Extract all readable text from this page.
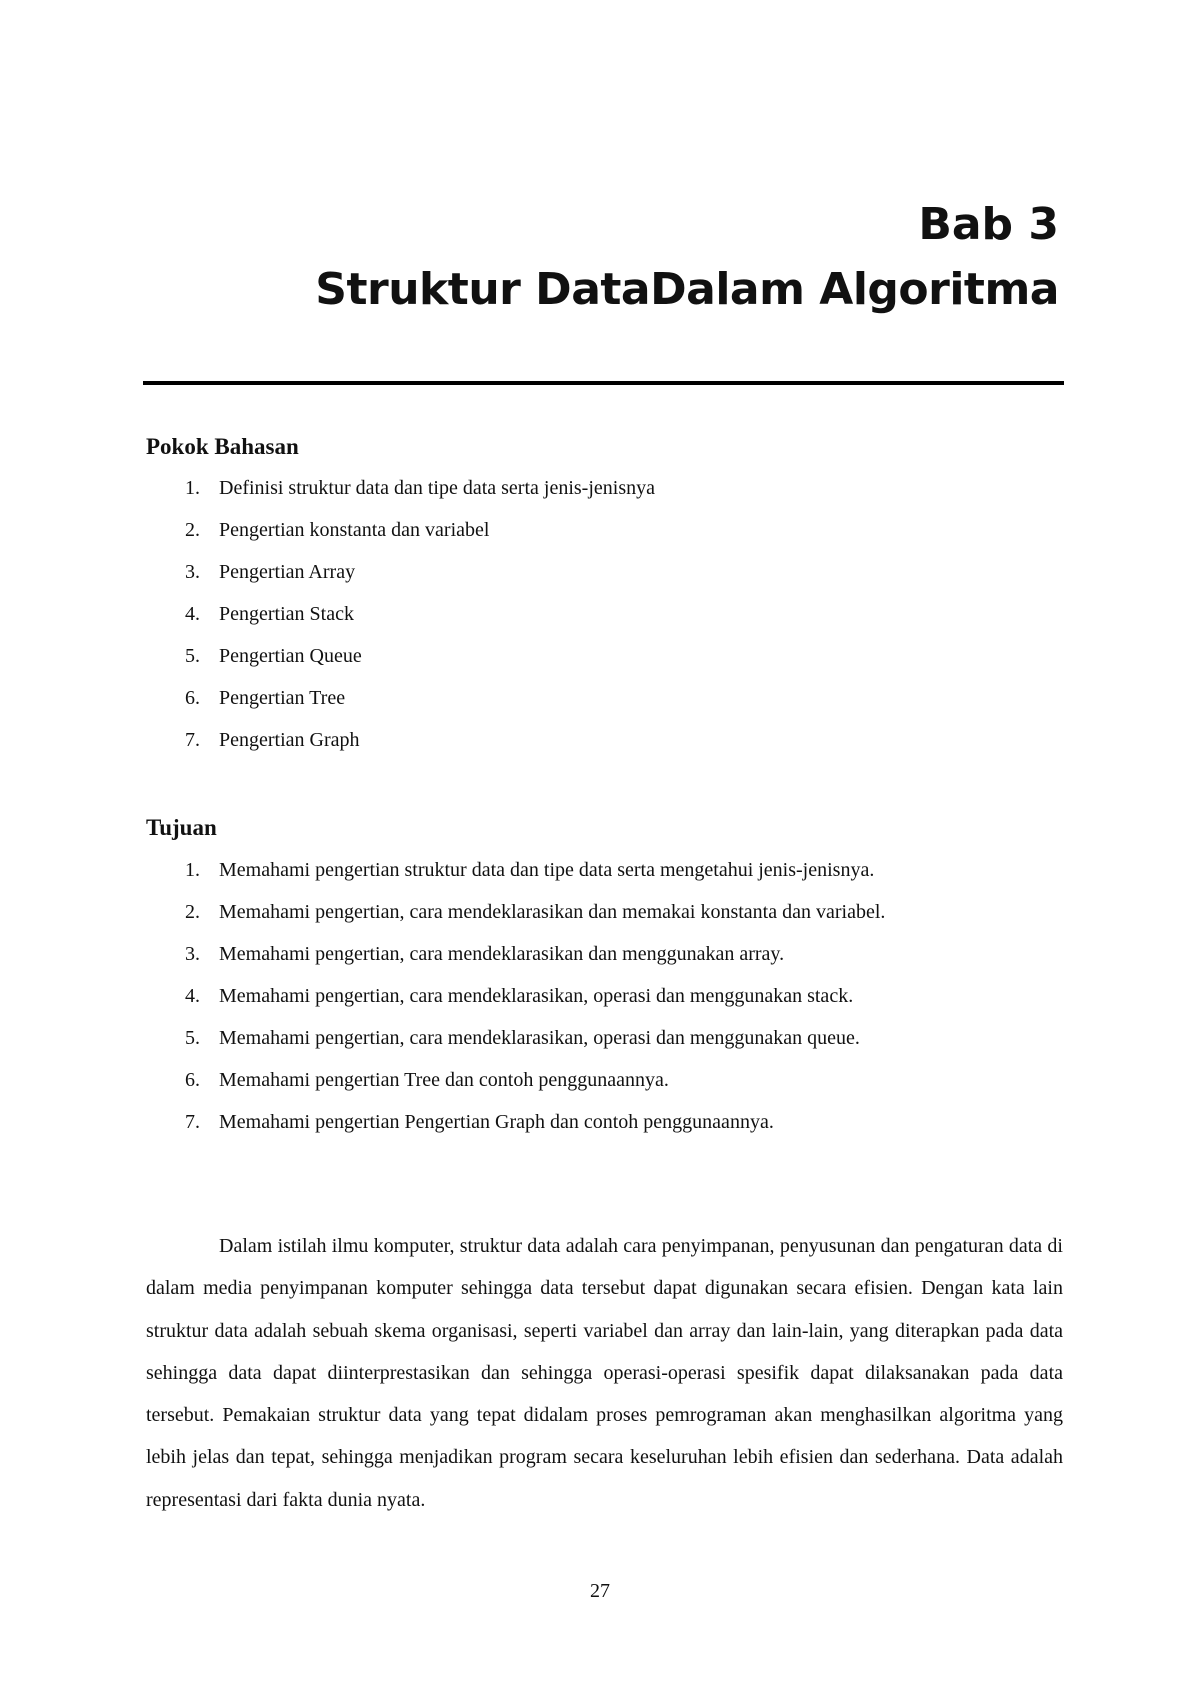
Bab 3
Struktur DataDalam Algoritma
Pokok Bahasan
1. Definisi struktur data dan tipe data serta jenis-jenisnya
2. Pengertian konstanta dan variabel
3. Pengertian Array
4. Pengertian Stack
5. Pengertian Queue
6. Pengertian Tree
7. Pengertian Graph
Tujuan
1. Memahami pengertian struktur data dan tipe data serta mengetahui jenis-jenisnya.
2. Memahami pengertian, cara mendeklarasikan dan memakai konstanta dan variabel.
3. Memahami pengertian, cara mendeklarasikan dan menggunakan array.
4. Memahami pengertian, cara mendeklarasikan, operasi dan menggunakan stack.
5. Memahami pengertian, cara mendeklarasikan, operasi dan menggunakan queue.
6. Memahami pengertian Tree dan contoh penggunaannya.
7. Memahami pengertian Pengertian Graph dan contoh penggunaannya.

Dalam istilah ilmu komputer, struktur data adalah cara penyimpanan, penyusunan dan pengaturan data di dalam media penyimpanan komputer sehingga data tersebut dapat digunakan secara efisien. Dengan kata lain struktur data adalah sebuah skema organisasi, seperti variabel dan array dan lain-lain, yang diterapkan pada data sehingga data dapat diinterprestasikan dan sehingga operasi-operasi spesifik dapat dilaksanakan pada data tersebut. Pemakaian struktur data yang tepat didalam proses pemrograman akan menghasilkan algoritma yang lebih jelas dan tepat, sehingga menjadikan program secara keseluruhan lebih efisien dan sederhana. Data adalah representasi dari fakta dunia nyata.

27
